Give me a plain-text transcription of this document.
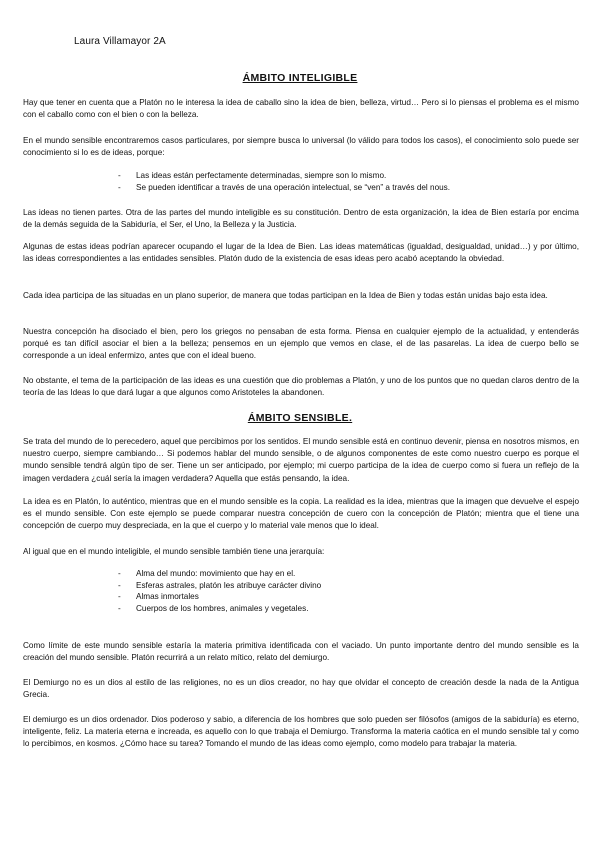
Laura Villamayor 2A
ÁMBITO INTELIGIBLE

Hay que tener en cuenta que a Platón no le interesa la idea de caballo sino la idea de bien, belleza, virtud… Pero si lo piensas el problema es el mismo con el caballo como con el bien o con la belleza.

En el mundo sensible encontraremos casos particulares, por siempre busca lo universal (lo válido para todos los casos), el conocimiento solo puede ser conocimiento si lo es de ideas, porque:

- Las ideas están perfectamente determinadas, siempre son lo mismo.
- Se pueden identificar a través de una operación intelectual, se “ven” a través del nous.

Las ideas no tienen partes. Otra de las partes del mundo inteligible es su constitución. Dentro de esta organización, la idea de Bien estaría por encima de la demás seguida de la Sabiduría, el Ser, el Uno, la Belleza y la Justicia.

Algunas de estas ideas podrían aparecer ocupando el lugar de la Idea de Bien. Las ideas matemáticas (igualdad, desigualdad, unidad…) y por último, las ideas correspondientes a las entidades sensibles. Platón dudo de la existencia de esas ideas pero acabó aceptando la obviedad.

Cada idea participa de las situadas en un plano superior, de manera que todas participan en la Idea de Bien y todas están unidas bajo esta idea.

Nuestra concepción ha disociado el bien, pero los griegos no pensaban de esta forma. Piensa en cualquier ejemplo de la actualidad, y entenderás porqué es tan difícil asociar el bien a la belleza; pensemos en un ejemplo que vemos en clase, el de las pasarelas. La idea de cuerpo bello se corresponde a un ideal enfermizo, antes que con el ideal bueno.

No obstante, el tema de la participación de las ideas es una cuestión que dio problemas a Platón, y uno de los puntos que no quedan claros dentro de la teoría de las Ideas lo que dará lugar a que algunos como Aristoteles la abandonen.

ÁMBITO SENSIBLE.

Se trata del mundo de lo perecedero, aquel que percibimos por los sentidos. El mundo sensible está en continuo devenir, piensa en nosotros mismos, en nuestro cuerpo, siempre cambiando… Si podemos hablar del mundo sensible, o de algunos componentes de este como nuestro cuerpo es porque el mundo sensible tendrá algún tipo de ser. Tiene un ser anticipado, por ejemplo; mi cuerpo participa de la idea de cuerpo como si fuera un reflejo de la imagen verdadera ¿cuál sería la imagen verdadera? Aquella que estás pensando, la idea.

La idea es en Platón, lo auténtico, mientras que en el mundo sensible es la copia. La realidad es la idea, mientras que la imagen que devuelve el espejo es el mundo sensible. Con este ejemplo se puede comparar nuestra concepción de cuero con la concepción de Platón; mientra que el tiene una concepción de cuerpo muy despreciada, en la que el cuerpo y lo material vale menos que lo ideal.

Al igual que en el mundo inteligible, el mundo sensible también tiene una jerarquía:

- Alma del mundo: movimiento que hay en el.
- Esferas astrales, platón les atribuye carácter divino
- Almas inmortales
- Cuerpos de los hombres, animales y vegetales.

Como límite de este mundo sensible estaría la materia primitiva identificada con el vaciado. Un punto importante dentro del mundo sensible es la creación del mundo sensible. Platón recurrirá a un relato mítico, relato del demiurgo.

El Demiurgo no es un dios al estilo de las religiones, no es un dios creador, no hay que olvidar el concepto de creación desde la nada de la Antigua Grecia.

El demiurgo es un dios ordenador. Dios poderoso y sabio, a diferencia de los hombres que solo pueden ser filósofos (amigos de la sabiduría) es eterno, inteligente, feliz. La materia eterna e increada, es aquello con lo que trabaja el Demiurgo. Transforma la materia caótica en el mundo sensible tal y como lo percibimos, en kosmos. ¿Cómo hace su tarea? Tomando el mundo de las ideas como ejemplo, como modelo para trabajar la materia.
